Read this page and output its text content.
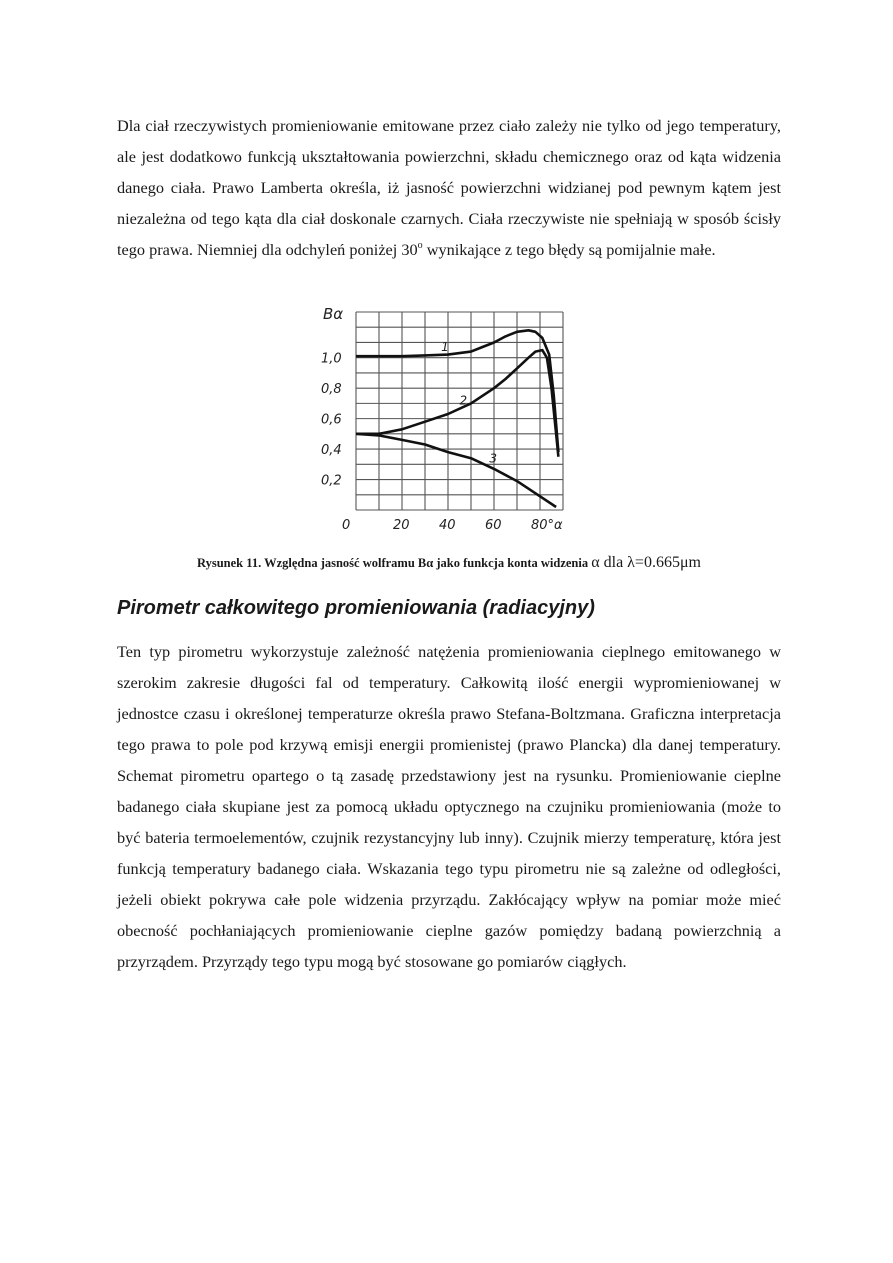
Dla ciał rzeczywistych promieniowanie emitowane przez ciało zależy nie tylko od jego temperatury, ale jest dodatkowo funkcją ukształtowania powierzchni, składu chemicznego oraz od kąta widzenia danego ciała. Prawo Lamberta określa, iż jasność powierzchni widzianej pod pewnym kątem jest niezależna od tego kąta dla ciał doskonale czarnych. Ciała rzeczywiste nie spełniają w sposób ścisły tego prawa. Niemniej dla odchyleń poniżej 30$^o$ wynikające z tego błędy są pomijalnie małe.

0,2
0,4
0,6
0,8
1,0
0	20 40 60 80°α
Bα
1
2
3
Rysunek 11. Względna jasność wolframu Bα jako funkcja konta widzenia α dla λ=0.665μm
Pirometr całkowitego promieniowania (radiacyjny)

Ten typ pirometru wykorzystuje zależność natężenia promieniowania cieplnego emitowanego w szerokim zakresie długości fal od temperatury. Całkowitą ilość energii wypromieniowanej w jednostce czasu i określonej temperaturze określa prawo Stefana-Boltzmana. Graficzna interpretacja tego prawa to pole pod krzywą emisji energii promienistej (prawo Plancka) dla danej temperatury. Schemat pirometru opartego o tą zasadę przedstawiony jest na rysunku. Promieniowanie cieplne badanego ciała skupiane jest za pomocą układu optycznego na czujniku promieniowania (może to być bateria termoelementów, czujnik rezystancyjny lub inny). Czujnik mierzy temperaturę, która jest funkcją temperatury badanego ciała. Wskazania tego typu pirometru nie są zależne od odległości, jeżeli obiekt pokrywa całe pole widzenia przyrządu. Zakłócający wpływ na pomiar może mieć obecność pochłaniających promieniowanie cieplne gazów pomiędzy badaną powierzchnią a przyrządem. Przyrządy tego typu mogą być stosowane go pomiarów ciągłych.
